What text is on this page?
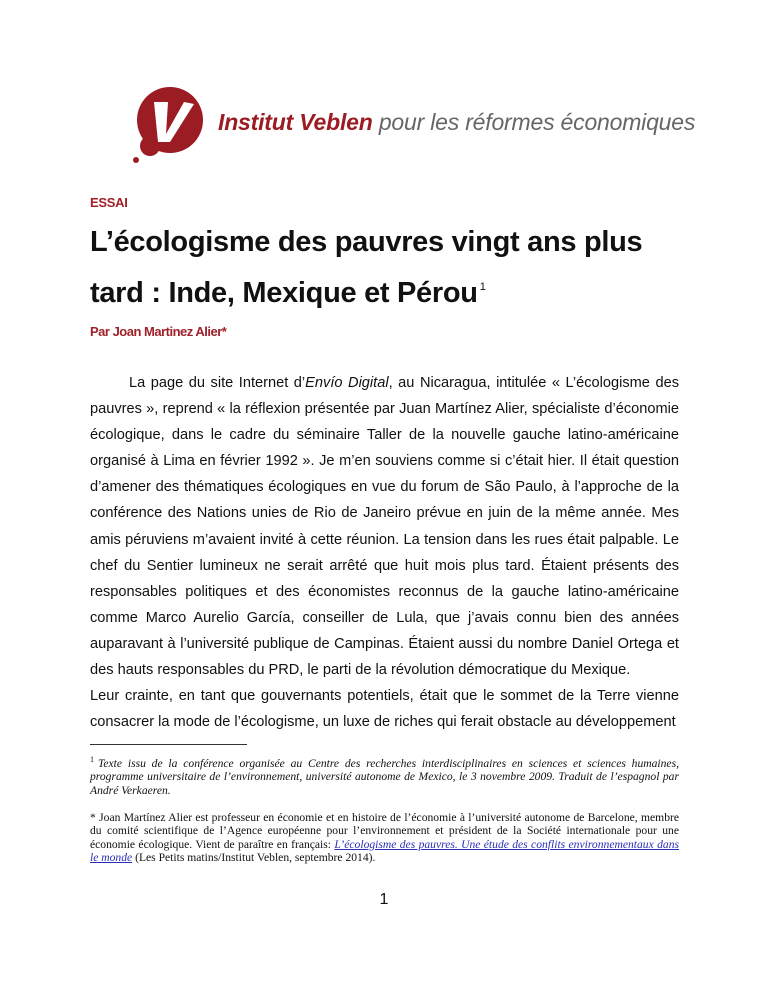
Institut Veblen pour les réformes économiques
ESSAI
L’écologisme des pauvres vingt ans plus tard : Inde, Mexique et Pérou $^1$
Par Joan Martinez Alier*

La page du site Internet d’Envío Digital, au Nicaragua, intitulée « L’écologisme des pauvres », reprend « la réflexion présentée par Juan Martínez Alier, spécialiste d’économie écologique, dans le cadre du séminaire Taller de la nouvelle gauche latino-américaine organisé à Lima en février 1992 ». Je m’en souviens comme si c’était hier. Il était question d’amener des thématiques écologiques en vue du forum de São Paulo, à l’approche de la conférence des Nations unies de Rio de Janeiro prévue en juin de la même année. Mes amis péruviens m’avaient invité à cette réunion. La tension dans les rues était palpable. Le chef du Sentier lumineux ne serait arrêté que huit mois plus tard. Étaient présents des responsables politiques et des économistes reconnus de la gauche latino-américaine comme Marco Aurelio García, conseiller de Lula, que j’avais connu bien des années auparavant à l’université publique de Campinas. Étaient aussi du nombre Daniel Ortega et des hauts responsables du PRD, le parti de la révolution démocratique du Mexique.

Leur crainte, en tant que gouvernants potentiels, était que le sommet de la Terre vienne consacrer la mode de l’écologisme, un luxe de riches qui ferait obstacle au développement

$^1$ Texte issu de la conférence organisée au Centre des recherches interdisciplinaires en sciences et sciences humaines, programme universitaire de l’environnement, université autonome de Mexico, le 3 novembre 2009. Traduit de l’espagnol par André Verkaeren.

* Joan Martínez Alier est professeur en économie et en histoire de l’économie à l’université autonome de Barcelone, membre du comité scientifique de l’Agence européenne pour l’environnement et président de la Société internationale pour une économie écologique. Vient de paraître en français: L’écologisme des pauvres. Une étude des conflits environnementaux dans le monde (Les Petits matins/Institut Veblen, septembre 2014).

1
